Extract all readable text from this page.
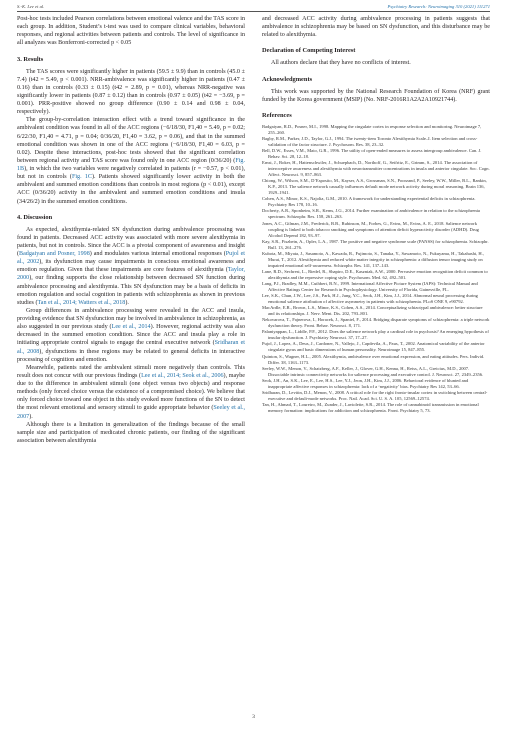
S.-K. Lee et al.	Psychiatry Research: Neuroimaging 310 (2021) 111271

Post-hoc tests included Pearson correlations between emotional valence and the TAS score in each group. In addition, Student’s t-test was used to compare clinical variables, behavioral responses, and regional activities between patients and controls. The level of significance in all analyzes was Bonferroni-corrected p < 0.05

3. Results

The TAS scores were significantly higher in patients (59.5 ± 9.9) than in controls (45.0 ± 7.4) (t42 = 5.49, p < 0.001). NRR-ambivalence was significantly higher in patients (0.47 ± 0.16) than in controls (0.33 ± 0.15) (t42 = 2.89, p = 0.01), whereas NRR-negative was significantly lower in patients (0.87 ± 0.12) than in controls (0.97 ± 0.05) (t42 = −3.69, p = 0.001). PRR-positive showed no group difference (0.90 ± 0.14 and 0.98 ± 0.04, respectively).

The group-by-correlation interaction effect with a trend toward significance in the ambivalent condition was found in all of the ACC regions (−6/18/30, F1,40 = 5.49, p = 0.02; 6/22/30, F1,40 = 4.71, p = 0.04; 0/36/20, F1,40 = 3.62, p = 0.06), and that in the summed emotional condition was shown in one of the ACC regions (−6/18/30, F1,40 = 6.03, p = 0.02). Despite these interactions, post-hoc tests showed that the significant correlation between regional activity and TAS score was found only in one ACC region (0/36/20) (Fig. 1B), in which the two variables were negatively correlated in patients (r = −0.57, p < 0.01), but not in controls (Fig. 1C). Patients showed significantly lower activity in both the ambivalent and summed emotion conditions than controls in most regions (p < 0.01), except ACC (0/36/20) activity in the ambivalent and summed emotion conditions and insula (34/26/2) in the summed emotion conditions.

4. Discussion

As expected, alexithymia-related SN dysfunction during ambivalence processing was found in patients. Decreased ACC activity was associated with more severe alexithymia in patients, but not in controls. Since the ACC is a pivotal component of awareness and insight (Badgaiyan and Posner, 1998) and modulates various internal emotional responses (Pujol et al., 2002), its dysfunction may cause impairments in conscious emotional awareness and emotion regulation. Given that these impairments are core features of alexithymia (Taylor, 2000), our finding supports the close relationship between decreased SN function during ambivalence processing and alexithymia. This SN dysfunction may be a basis of deficits in emotion regulation and social cognition in patients with schizophrenia as shown in previous studies (Tan et al., 2014; Watters et al., 2018).

Group differences in ambivalence processing were revealed in the ACC and insula, providing evidence that SN dysfunction may be involved in ambivalence in schizophrenia, as also suggested in our previous study (Lee et al., 2014). However, regional activity was also decreased in the summed emotion condition. Since the ACC and insula play a role in initiating appropriate control signals to engage the central executive network (Sridharan et al., 2008), dysfunctions in these regions may be related to general deficits in interactive processing of cognition and emotion.

Meanwhile, patients rated the ambivalent stimuli more negatively than controls. This result does not concur with our previous findings (Lee et al., 2014; Seok et al., 2006), maybe due to the difference in ambivalent stimuli (one object versus two objects) and response methods (only forced choice versus the existence of a compromised choice). We believe that only forced choice toward one object in this study evoked more functions of the SN to detect the most relevant emotional and sensory stimuli to guide appropriate behavior (Seeley et al., 2007).

Although there is a limitation in generalization of the findings because of the small sample size and participation of medicated chronic patients, our finding of the significant association between alexithymia

and decreased ACC activity during ambivalence processing in patients suggests that ambivalence in schizophrenia may be based on SN dysfunction, and this disturbance may be related to alexithymia.

Declaration of Competing Interest

All authors declare that they have no conflicts of interest.

Acknowledgments

This work was supported by the National Research Foundation of Korea (NRF) grant funded by the Korea government (MSIP) (No. NRF-2016R1A2A2A10921744).

References

Badgaiyan, R.D., Posner, M.I., 1998. Mapping the cingulate cortex in response selection and monitoring. Neuroimage 7, 255–260.

Bagby, R.M., Parker, J.D., Taylor, G.J., 1994. The twenty-item Toronto Alexithymia Scale–I. Item selection and cross-validation of the factor structure. J. Psychosom. Res. 38, 23–32.

Bell, D.W., Esses, V.M., Maio, G.R., 1996. The utility of open-ended measures to assess intergroup ambivalence. Can. J. Behav. Sci. 28, 12–18.

Ernst, J., Boker, H., Hattenschwiler, J., Schuepbach, D., Northoff, G., Seifritz, E., Grimm, S., 2014. The association of interoceptive awareness and alexithymia with neurotransmitter concentrations in insula and anterior cingulate. Soc. Cogn. Affect. Neurosci. 9, 857–863.

Chiong, W., Wilson, S.M., D’Esposito, M., Kayser, A.S., Grossman, S.N., Poorzand, P., Seeley, W.W., Miller, B.L., Rankin, K.P., 2013. The salience network causally influences default mode network activity during moral reasoning. Brain 136, 1929–1941.

Cohen, A.S., Minor, K.S., Najolia, G.M., 2010. A framework for understanding experiential deficits in schizophrenia. Psychiatry Res 178, 10–16.

Docherty, A.R., Sponheim, S.R., Kerns, J.G., 2014. Further examination of ambivalence in relation to the schizophrenia spectrum. Schizophr. Res. 158, 261–263.

Jones, A.C., Gilman, J.M., Frederick, B.B., Rubinson, M., Forbes, G., Evins, M., Evins, A. E., 2018. Salience network coupling is linked to both tobacco smoking and symptoms of attention deficit hyperactivity disorder (ADHD). Drug Alcohol Depend 182, 93–97.

Kay, S.R., Fiszbein, A., Opler, L.A., 1987. The positive and negative syndrome scale (PANSS) for schizophrenia. Schizophr. Bull. 13, 261–276.

Kubota, M., Miyata, J., Sasamoto, A., Kawada, R., Fujimoto, S., Tanaka, Y., Sawamoto, N., Fukuyama, H., Takahashi, H., Murai, T., 2012. Alexithymia and reduced white matter integrity in schizophrenia: a diffusion tensor imaging study on impaired emotional self-awareness. Schizophr. Res. 141, 137–143.

Lane, R.D., Sechrest, L., Riedel, R., Shapiro, D.E., Kaszniak, A.W., 2000. Pervasive emotion recognition deficit common to alexithymia and the repressive coping style. Psychosom. Med. 62, 492–501.

Lang, P.J., Bradley, M.M., Cuthbert, B.N., 1999. International Affective Picture System (IAPS): Technical Manual and Affective Ratings Center for Research in Psychophysiology. University of Florida, Gainesville, FL.

Lee, S.K., Chun, J.W., Lee, J.S., Park, H.J., Jung, Y.C., Seok, J.H., Kim, J.J., 2014. Abnormal neural processing during emotional salience attribution of affective asymmetry in patients with schizophrenia. PLoS ONE 9, e90792.

MacArdle, E.R., Brown, L.S., Minor, K.S., Cohen, A.S., 2014. Conceptualizing schizotypal ambivalence: better structure and its relationships. J. Nerv. Ment. Dis. 202, 793–801.

Nekovarova, T., Fajnerova, I., Horacek, J., Spaniel, F., 2014. Bridging disparate symptoms of schizophrenia: a triple network dysfunction theory. Front. Behav. Neurosci. 8, 171.

Palaniyappan, L., Liddle, P.F., 2012. Does the salience network play a cardinal role in psychosis? An emerging hypothesis of insular dysfunction. J. Psychiatry Neurosci. 37, 17–27.

Pujol, J., Lopez, A., Deus, J., Cardoner, N., Vallejo, J., Capdevila, A., Paus, T., 2002. Anatomical variability of the anterior cingulate gyrus and basic dimensions of human personality. Neuroimage 15, 847–855.

Quinton, S., Wagner, H.L., 2005. Alexithymia, ambivalence over emotional expression, and eating attitudes. Pers. Individ. Differ. 38, 1163–1173.

Seeley, W.W., Menon, V., Schatzberg, A.F., Keller, J., Glover, G.H., Kenna, H., Reiss, A.L., Greicius, M.D., 2007. Dissociable intrinsic connectivity networks for salience processing and executive control. J. Neurosci. 27, 2349–2356.

Seok, J.H., An, S.K., Lee, E., Lee, H.S., Lee, Y.J., Jeon, J.H., Kim, J.J., 2006. Behavioral evidence of blunted and inappropriate affective responses in schizophrenia: lack of a ‘negativity’ bias. Psychiatry Res 142, 53–66.

Sridharan, D., Levitin, D.J., Menon, V., 2008. A critical role for the right fronto-insular cortex in switching between central-executive and default-mode networks. Proc. Natl. Acad. Sci. U. S. A. 105, 12569–12574.

Tan, H., Ahmad, T., Loureiro, M., Zunder, J., Laviolette, S.R., 2014. The role of cannabinoid transmission in emotional memory formation: implications for addiction and schizophrenia. Front. Psychiatry 5, 73.

3
